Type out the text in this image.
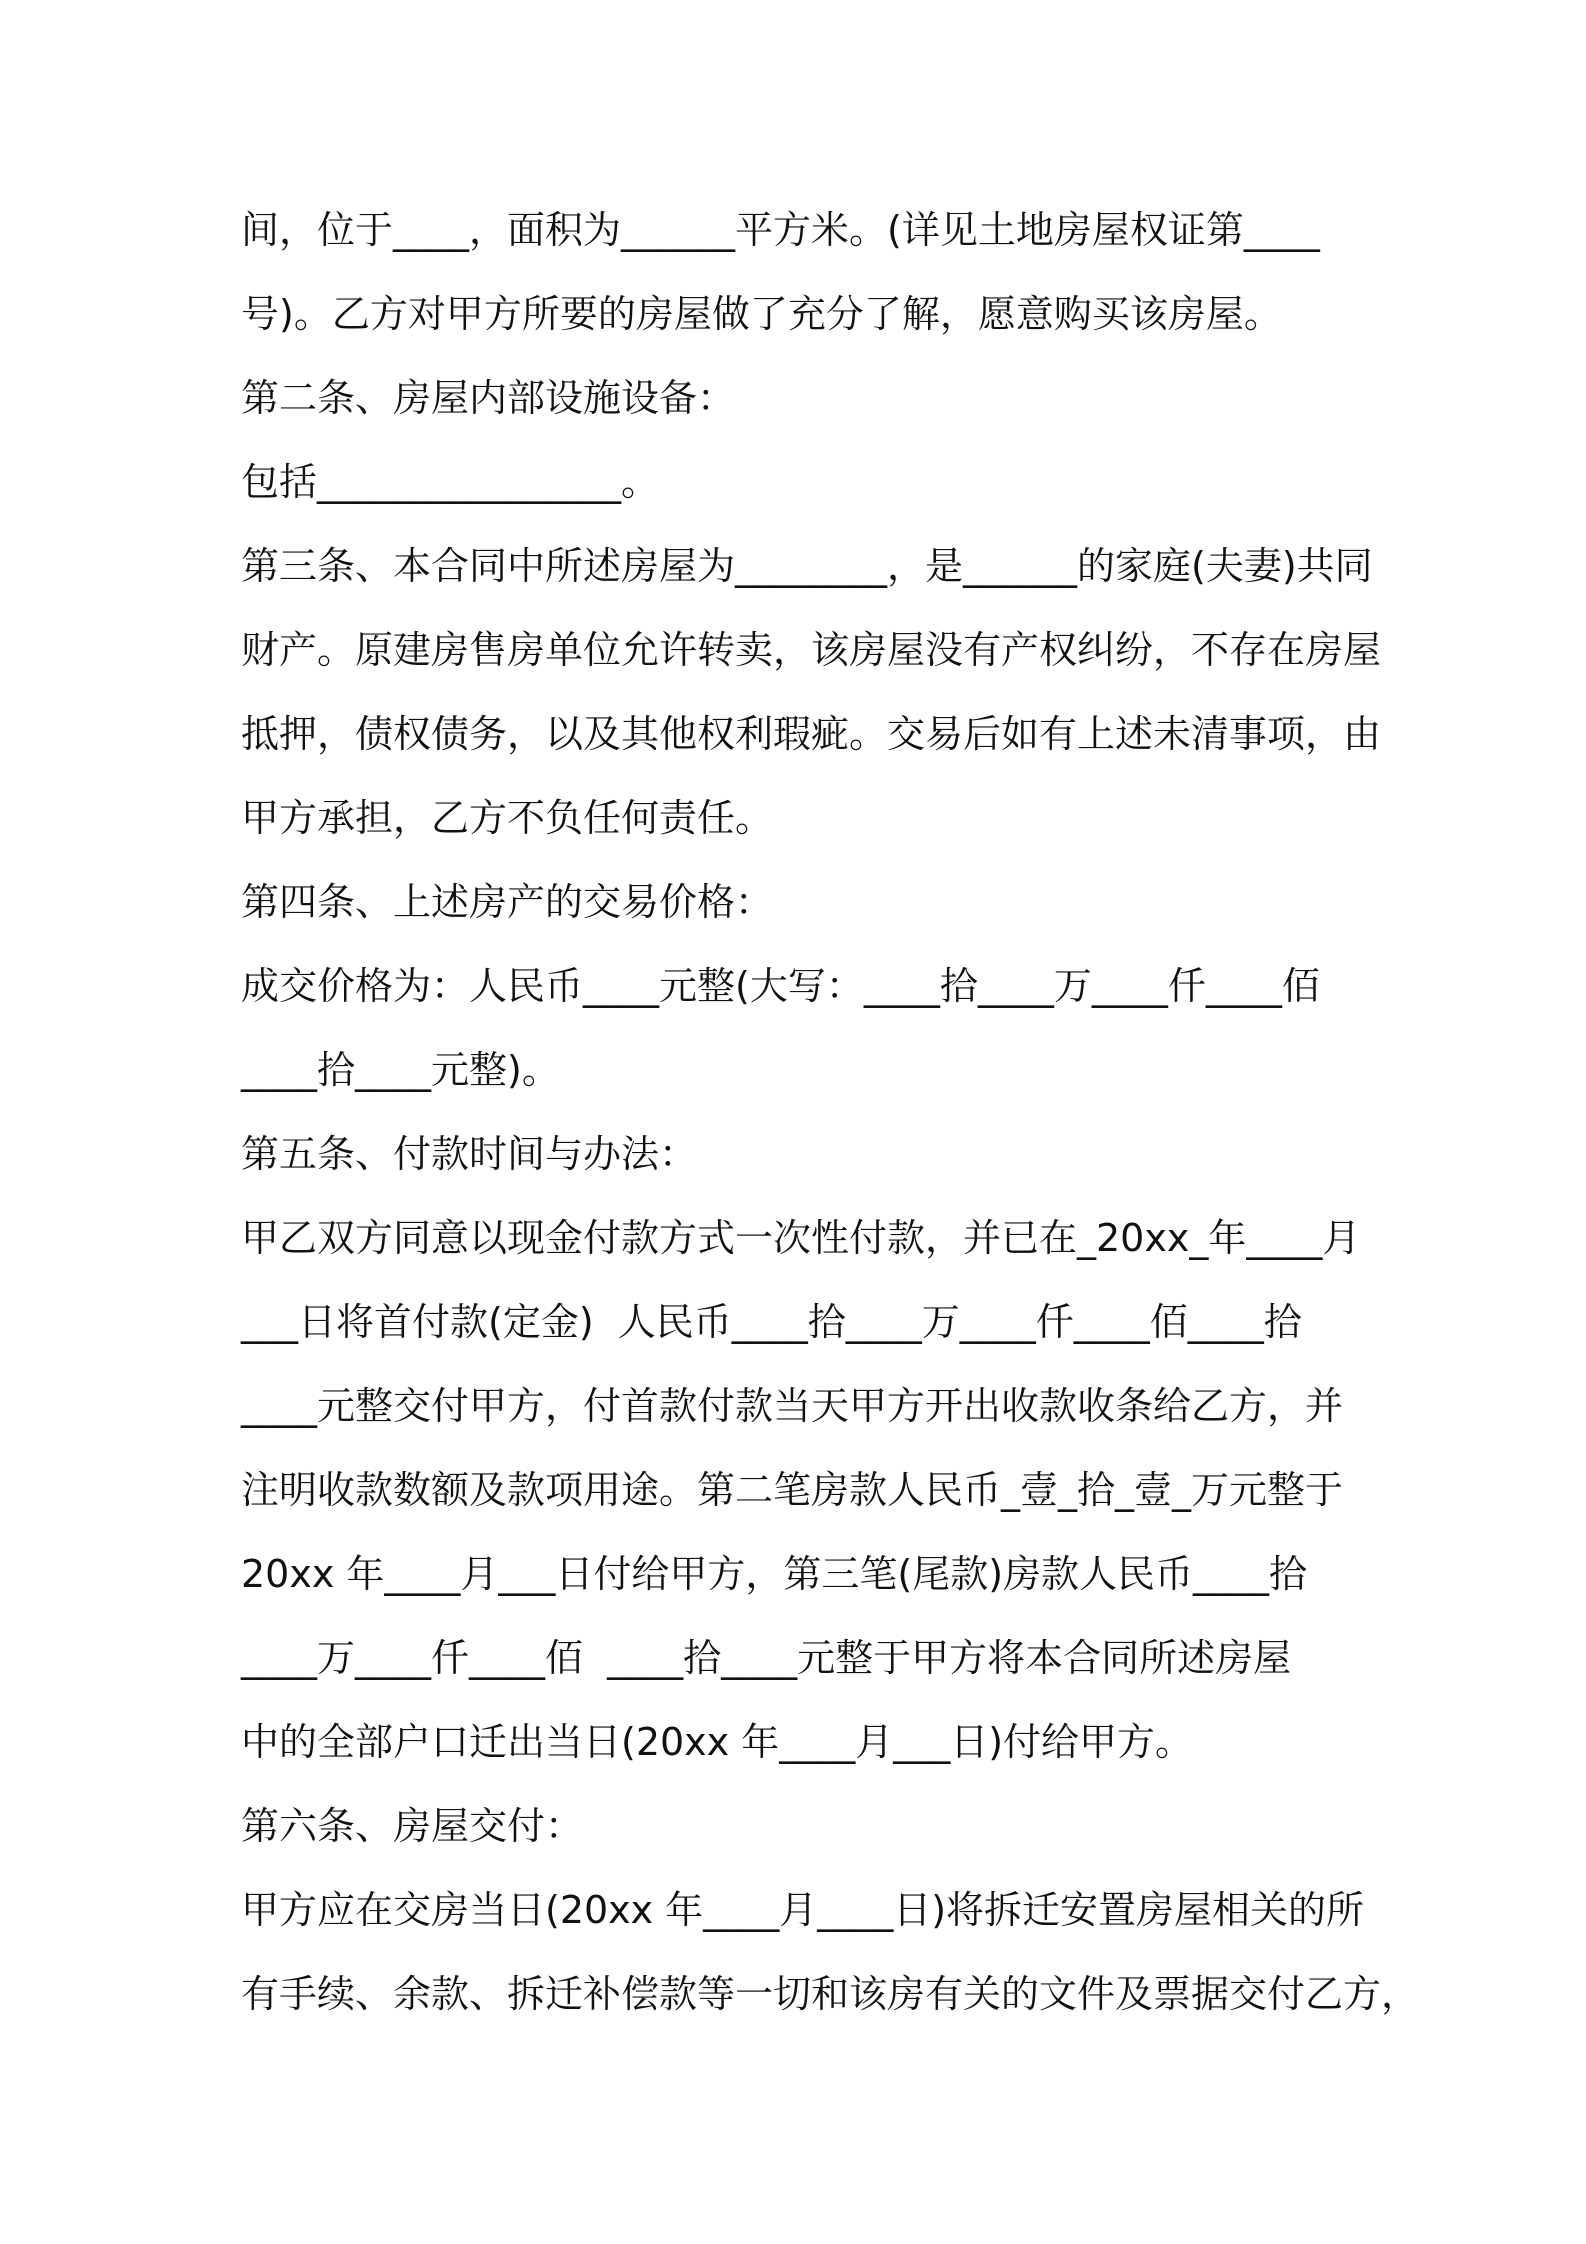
间，位于____，面积为______平方米。(详见土地房屋权证第____
号)。乙方对甲方所要的房屋做了充分了解，愿意购买该房屋。
第二条、房屋内部设施设备：
包括________________。
第三条、本合同中所述房屋为________，是______的家庭(夫妻)共同
财产。原建房售房单位允许转卖，该房屋没有产权纠纷，不存在房屋
抵押，债权债务，以及其他权利瑕疵。交易后如有上述未清事项，由
甲方承担，乙方不负任何责任。
第四条、上述房产的交易价格：
成交价格为：人民币____元整(大写：____拾____万____仟____佰
____拾____元整)。
第五条、付款时间与办法：
甲乙双方同意以现金付款方式一次性付款，并已在_20xx_年____月
___日将首付款(定金)  人民币____拾____万____仟____佰____拾
____元整交付甲方，付首款付款当天甲方开出收款收条给乙方，并
注明收款数额及款项用途。第二笔房款人民币_壹_拾_壹_万元整于
20xx 年____月___日付给甲方，第三笔(尾款)房款人民币____拾
____万____仟____佰  ____拾____元整于甲方将本合同所述房屋
中的全部户口迁出当日(20xx 年____月___日)付给甲方。
第六条、房屋交付：
甲方应在交房当日(20xx 年____月____日)将拆迁安置房屋相关的所
有手续、余款、拆迁补偿款等一切和该房有关的文件及票据交付乙方，
